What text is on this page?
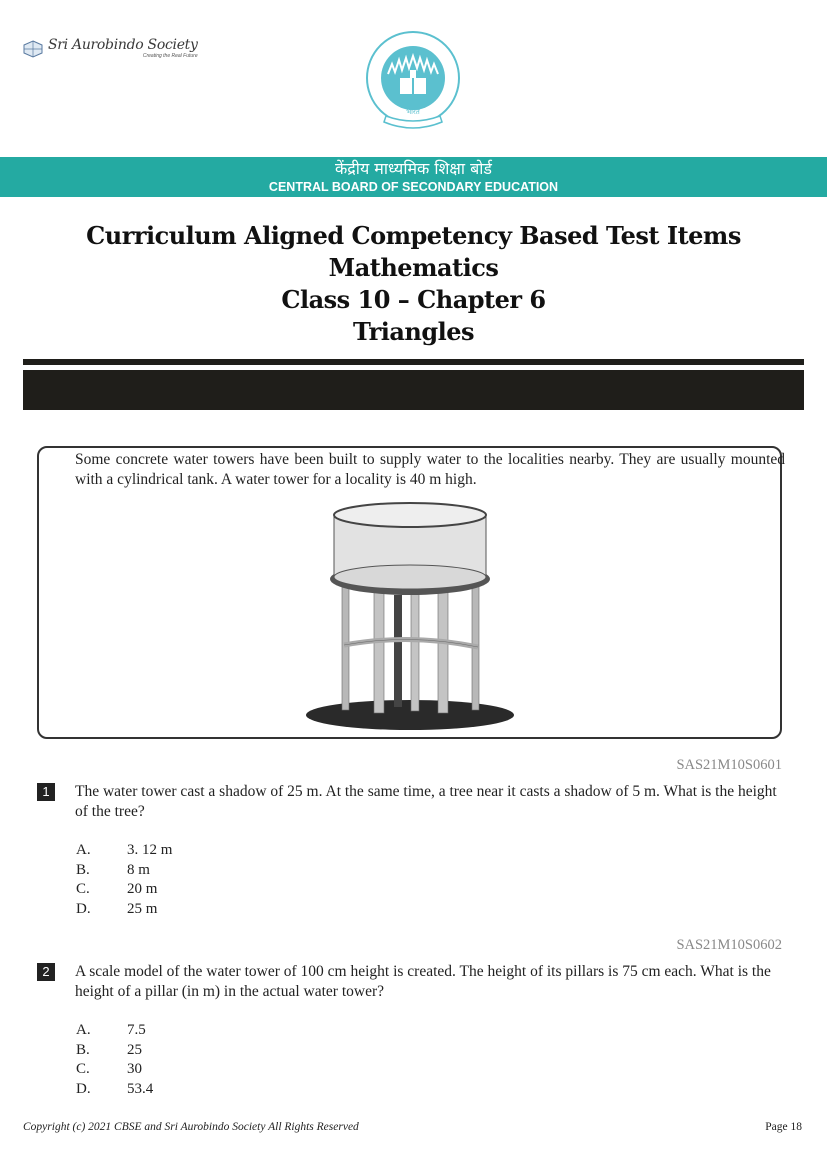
Sri Aurobindo Society
Creating the Real Future
भारत
केंद्रीय माध्यमिक शिक्षा बोर्ड
CENTRAL BOARD OF SECONDARY EDUCATION
Curriculum Aligned Competency Based Test Items
Mathematics
Class 10 – Chapter 6
Triangles
Some concrete water towers have been built to supply water to the localities nearby. They are usually mounted with a cylindrical tank. A water tower for a locality is 40 m high.
SAS21M10S0601
1	The water tower cast a shadow of 25 m. At the same time, a tree near it casts a shadow of 5 m. What is the height of the tree?
A.	3. 12 m
B.	8 m
C.	20 m
D.	25 m
SAS21M10S0602
2	A scale model of the water tower of 100 cm height is created. The height of its pillars is 75 cm each. What is the height of a pillar (in m) in the actual water tower?
A.	7.5
B.	25
C.	30
D.	53.4
Copyright (c) 2021 CBSE and Sri Aurobindo Society All Rights Reserved	Page 18
